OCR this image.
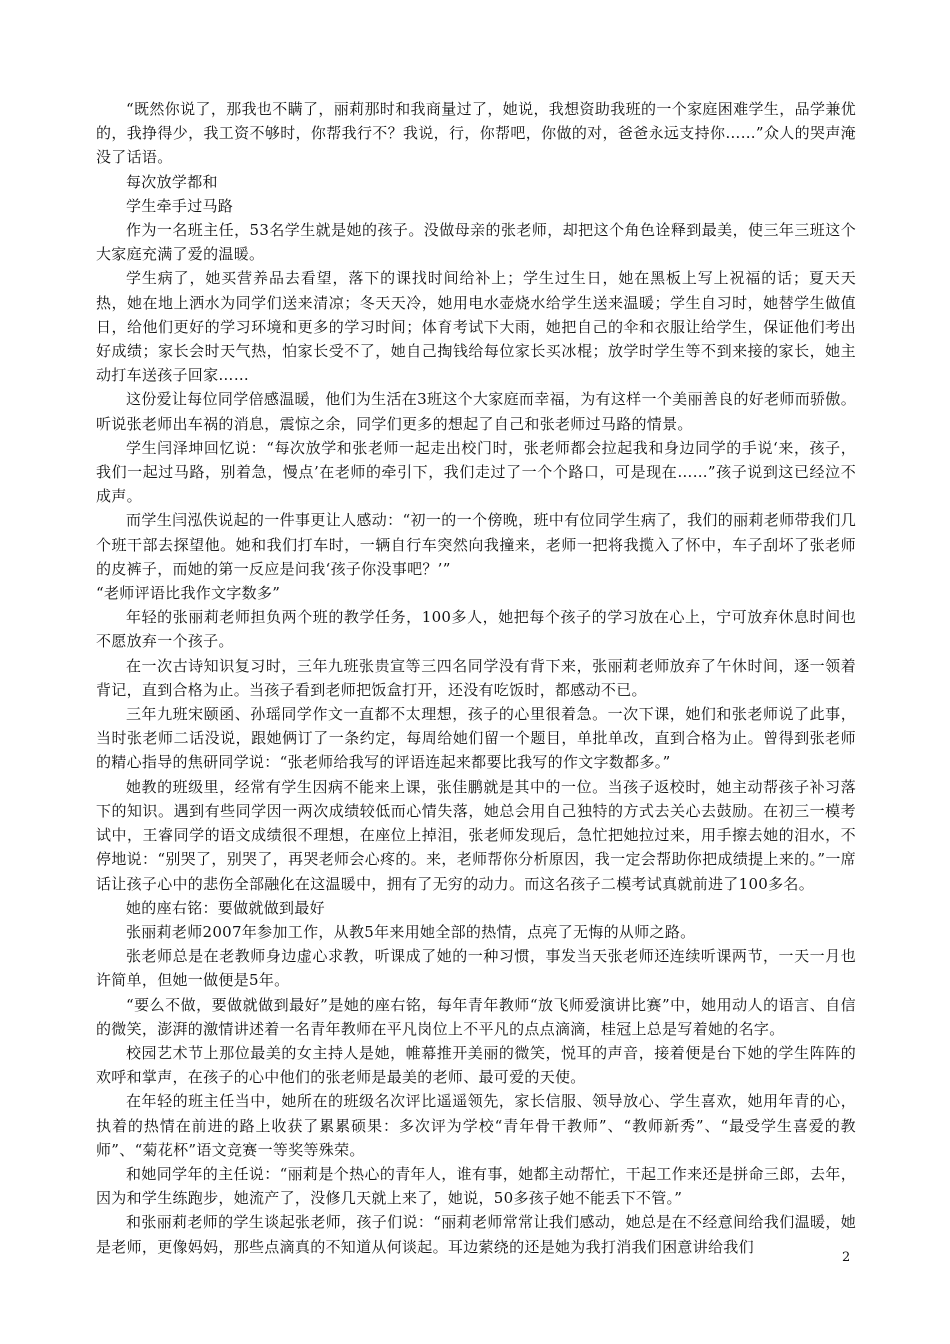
“既然你说了，那我也不瞒了，丽莉那时和我商量过了，她说，我想资助我班的一个家庭困难学生，品学兼优的，我挣得少，我工资不够时，你帮我行不？我说，行，你帮吧，你做的对，爸爸永远支持你……”众人的哭声淹没了话语。

每次放学都和

学生牵手过马路

作为一名班主任，53名学生就是她的孩子。没做母亲的张老师，却把这个角色诠释到最美，使三年三班这个大家庭充满了爱的温暖。

学生病了，她买营养品去看望，落下的课找时间给补上；学生过生日，她在黑板上写上祝福的话；夏天天热，她在地上洒水为同学们送来清凉；冬天天冷，她用电水壶烧水给学生送来温暖；学生自习时，她替学生做值日，给他们更好的学习环境和更多的学习时间；体育考试下大雨，她把自己的伞和衣服让给学生，保证他们考出好成绩；家长会时天气热，怕家长受不了，她自己掏钱给每位家长买冰棍；放学时学生等不到来接的家长，她主动打车送孩子回家……

这份爱让每位同学倍感温暖，他们为生活在3班这个大家庭而幸福，为有这样一个美丽善良的好老师而骄傲。听说张老师出车祸的消息，震惊之余，同学们更多的想起了自己和张老师过马路的情景。

学生闫泽坤回忆说：“每次放学和张老师一起走出校门时，张老师都会拉起我和身边同学的手说‘来，孩子，我们一起过马路，别着急，慢点’在老师的牵引下，我们走过了一个个路口，可是现在……”孩子说到这已经泣不成声。

而学生闫泓佚说起的一件事更让人感动：“初一的一个傍晚，班中有位同学生病了，我们的丽莉老师带我们几个班干部去探望他。她和我们打车时，一辆自行车突然向我撞来，老师一把将我揽入了怀中，车子刮坏了张老师的皮裤子，而她的第一反应是问我‘孩子你没事吧？’”

“老师评语比我作文字数多”

年轻的张丽莉老师担负两个班的教学任务，100多人，她把每个孩子的学习放在心上，宁可放弃休息时间也不愿放弃一个孩子。

在一次古诗知识复习时，三年九班张贵宣等三四名同学没有背下来，张丽莉老师放弃了午休时间，逐一领着背记，直到合格为止。当孩子看到老师把饭盒打开，还没有吃饭时，都感动不已。

三年九班宋颐函、孙瑶同学作文一直都不太理想，孩子的心里很着急。一次下课，她们和张老师说了此事，当时张老师二话没说，跟她俩订了一条约定，每周给她们留一个题目，单批单改，直到合格为止。曾得到张老师的精心指导的焦研同学说：“张老师给我写的评语连起来都要比我写的作文字数都多。”

她教的班级里，经常有学生因病不能来上课，张佳鹏就是其中的一位。当孩子返校时，她主动帮孩子补习落下的知识。遇到有些同学因一两次成绩较低而心情失落，她总会用自己独特的方式去关心去鼓励。在初三一模考试中，王睿同学的语文成绩很不理想，在座位上掉泪，张老师发现后，急忙把她拉过来，用手擦去她的泪水，不停地说：“别哭了，别哭了，再哭老师会心疼的。来，老师帮你分析原因，我一定会帮助你把成绩提上来的。”一席话让孩子心中的悲伤全部融化在这温暖中，拥有了无穷的动力。而这名孩子二模考试真就前进了100多名。

她的座右铭：要做就做到最好

张丽莉老师2007年参加工作，从教5年来用她全部的热情，点亮了无悔的从师之路。

张老师总是在老教师身边虚心求教，听课成了她的一种习惯，事发当天张老师还连续听课两节，一天一月也许简单，但她一做便是5年。

“要么不做，要做就做到最好”是她的座右铭，每年青年教师“放飞师爱演讲比赛”中，她用动人的语言、自信的微笑，澎湃的激情讲述着一名青年教师在平凡岗位上不平凡的点点滴滴，桂冠上总是写着她的名字。

校园艺术节上那位最美的女主持人是她，帷幕推开美丽的微笑，悦耳的声音，接着便是台下她的学生阵阵的欢呼和掌声，在孩子的心中他们的张老师是最美的老师、最可爱的天使。

在年轻的班主任当中，她所在的班级名次评比遥遥领先，家长信服、领导放心、学生喜欢，她用年青的心，执着的热情在前进的路上收获了累累硕果：多次评为学校“青年骨干教师”、“教师新秀”、“最受学生喜爱的教师”、“菊花杯”语文竞赛一等奖等殊荣。

和她同学年的主任说：“丽莉是个热心的青年人，谁有事，她都主动帮忙，干起工作来还是拼命三郎，去年，因为和学生练跑步，她流产了，没修几天就上来了，她说，50多孩子她不能丢下不管。”

和张丽莉老师的学生谈起张老师，孩子们说：“丽莉老师常常让我们感动，她总是在不经意间给我们温暖，她是老师，更像妈妈，那些点滴真的不知道从何谈起。耳边萦绕的还是她为我打消我们困意讲给我们

2
